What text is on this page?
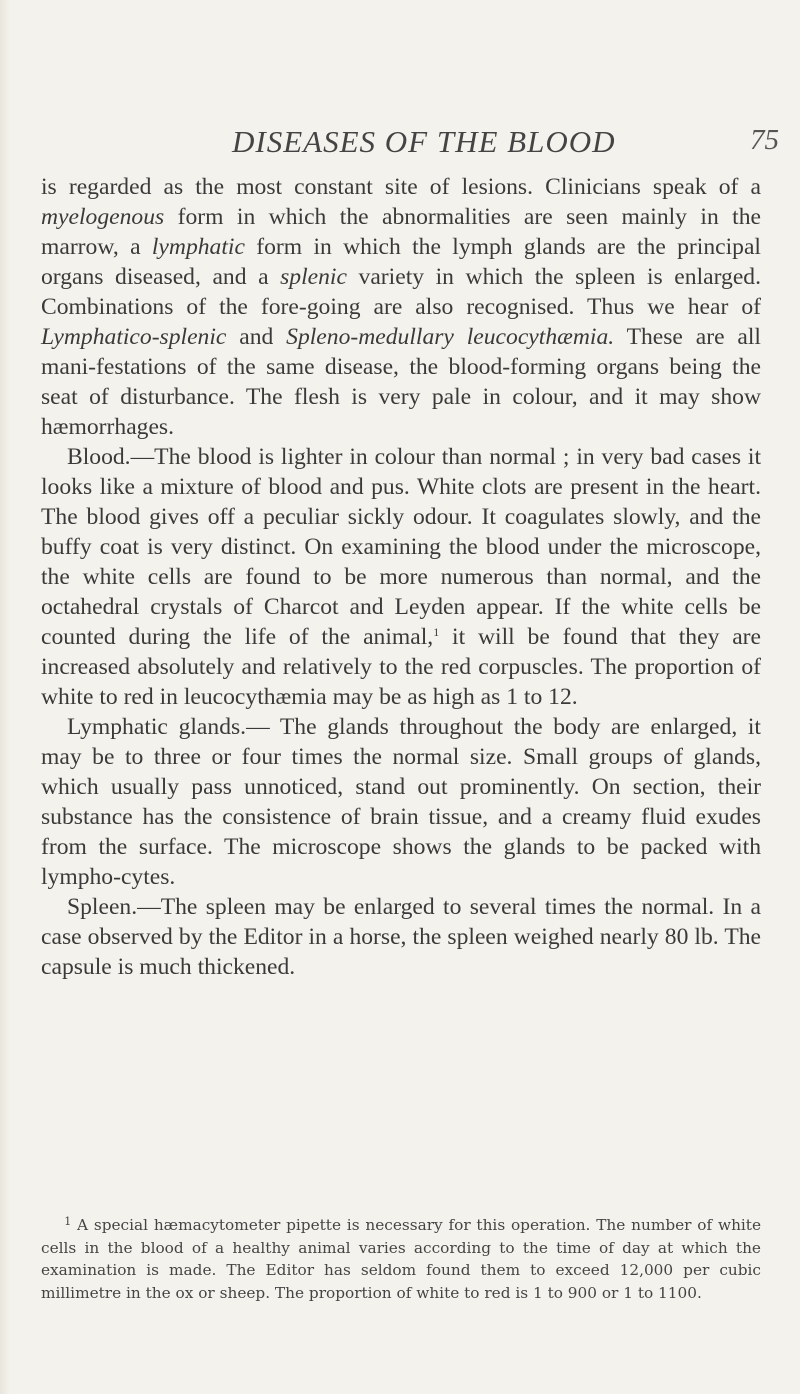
DISEASES OF THE BLOOD	75

is regarded as the most constant site of lesions. Clinicians speak of a myelogenous form in which the abnormalities are seen mainly in the marrow, a lymphatic form in which the lymph glands are the principal organs diseased, and a splenic variety in which the spleen is enlarged. Combinations of the fore-going are also recognised. Thus we hear of Lymphatico-splenic and Spleno-medullary leucocythæmia. These are all mani-festations of the same disease, the blood-forming organs being the seat of disturbance. The flesh is very pale in colour, and it may show hæmorrhages.

Blood.—The blood is lighter in colour than normal ; in very bad cases it looks like a mixture of blood and pus. White clots are present in the heart. The blood gives off a peculiar sickly odour. It coagulates slowly, and the buffy coat is very distinct. On examining the blood under the microscope, the white cells are found to be more numerous than normal, and the octahedral crystals of Charcot and Leyden appear. If the white cells be counted during the life of the animal,$^1$ it will be found that they are increased absolutely and relatively to the red corpuscles. The proportion of white to red in leucocythæmia may be as high as 1 to 12.

Lymphatic glands.— The glands throughout the body are enlarged, it may be to three or four times the normal size. Small groups of glands, which usually pass unnoticed, stand out prominently. On section, their substance has the consistence of brain tissue, and a creamy fluid exudes from the surface. The microscope shows the glands to be packed with lympho-cytes.

Spleen.—The spleen may be enlarged to several times the normal. In a case observed by the Editor in a horse, the spleen weighed nearly 80 lb. The capsule is much thickened.

$^1$ A special hæmacytometer pipette is necessary for this operation. The number of white cells in the blood of a healthy animal varies according to the time of day at which the examination is made. The Editor has seldom found them to exceed 12,000 per cubic millimetre in the ox or sheep. The proportion of white to red is 1 to 900 or 1 to 1100.
